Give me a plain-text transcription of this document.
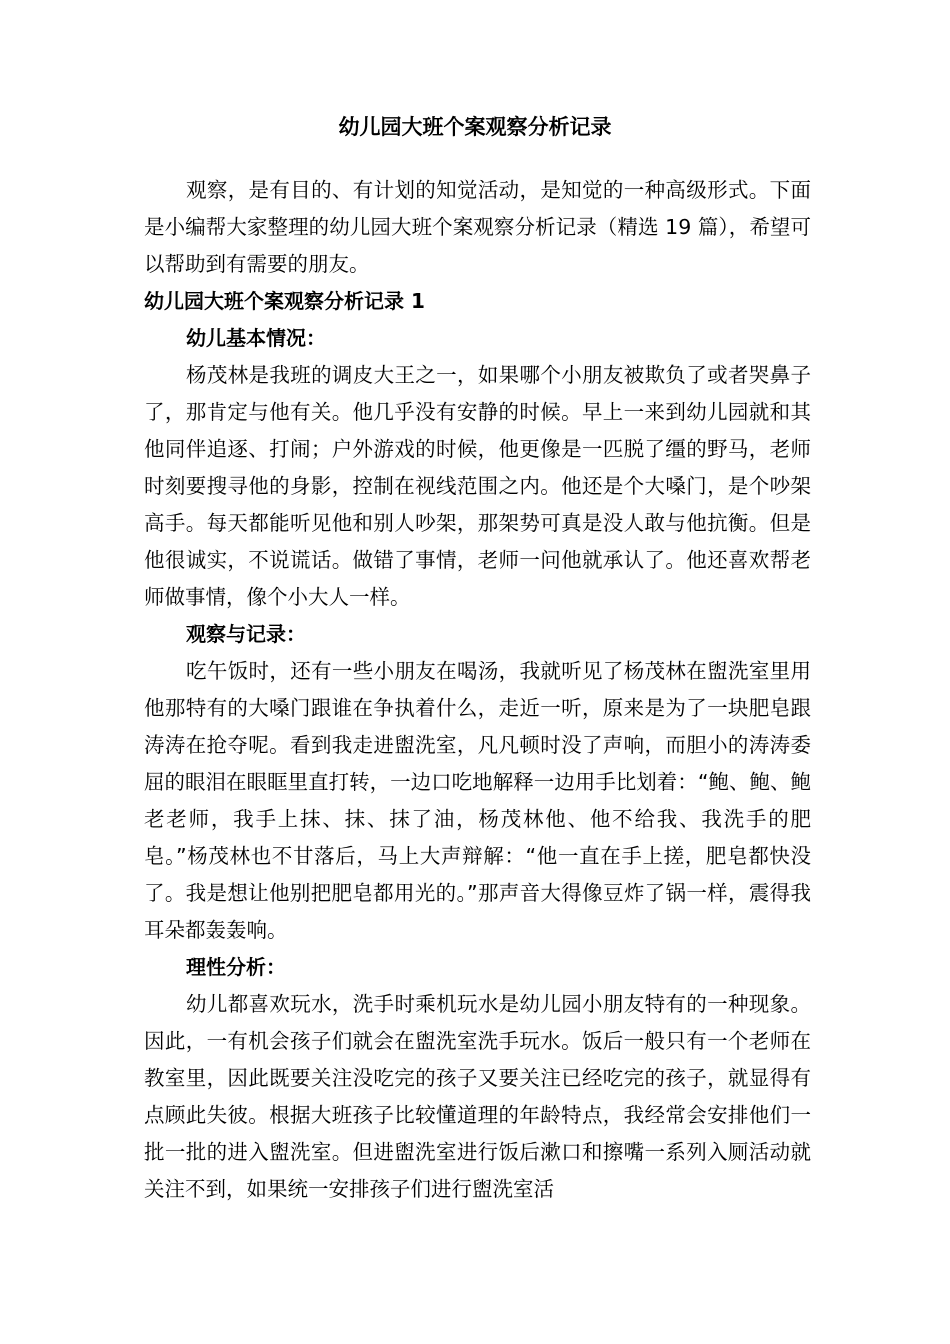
幼儿园大班个案观察分析记录

观察，是有目的、有计划的知觉活动，是知觉的一种高级形式。下面是小编帮大家整理的幼儿园大班个案观察分析记录（精选 19 篇），希望可以帮助到有需要的朋友。

幼儿园大班个案观察分析记录 1

幼儿基本情况：

杨茂林是我班的调皮大王之一，如果哪个小朋友被欺负了或者哭鼻子了，那肯定与他有关。他几乎没有安静的时候。早上一来到幼儿园就和其他同伴追逐、打闹；户外游戏的时候，他更像是一匹脱了缰的野马，老师时刻要搜寻他的身影，控制在视线范围之内。他还是个大嗓门，是个吵架高手。每天都能听见他和别人吵架，那架势可真是没人敢与他抗衡。但是他很诚实，不说谎话。做错了事情，老师一问他就承认了。他还喜欢帮老师做事情，像个小大人一样。

观察与记录：

吃午饭时，还有一些小朋友在喝汤，我就听见了杨茂林在盥洗室里用他那特有的大嗓门跟谁在争执着什么，走近一听，原来是为了一块肥皂跟涛涛在抢夺呢。看到我走进盥洗室，凡凡顿时没了声响，而胆小的涛涛委屈的眼泪在眼眶里直打转，一边口吃地解释一边用手比划着：“鲍、鲍、鲍老老师，我手上抹、抹、抹了油，杨茂林他、他不给我、我洗手的肥皂。”杨茂林也不甘落后，马上大声辩解：“他一直在手上搓，肥皂都快没了。我是想让他别把肥皂都用光的。”那声音大得像豆炸了锅一样，震得我耳朵都轰轰响。

理性分析：

幼儿都喜欢玩水，洗手时乘机玩水是幼儿园小朋友特有的一种现象。因此，一有机会孩子们就会在盥洗室洗手玩水。饭后一般只有一个老师在教室里，因此既要关注没吃完的孩子又要关注已经吃完的孩子，就显得有点顾此失彼。根据大班孩子比较懂道理的年龄特点，我经常会安排他们一批一批的进入盥洗室。但进盥洗室进行饭后漱口和擦嘴一系列入厕活动就关注不到，如果统一安排孩子们进行盥洗室活
